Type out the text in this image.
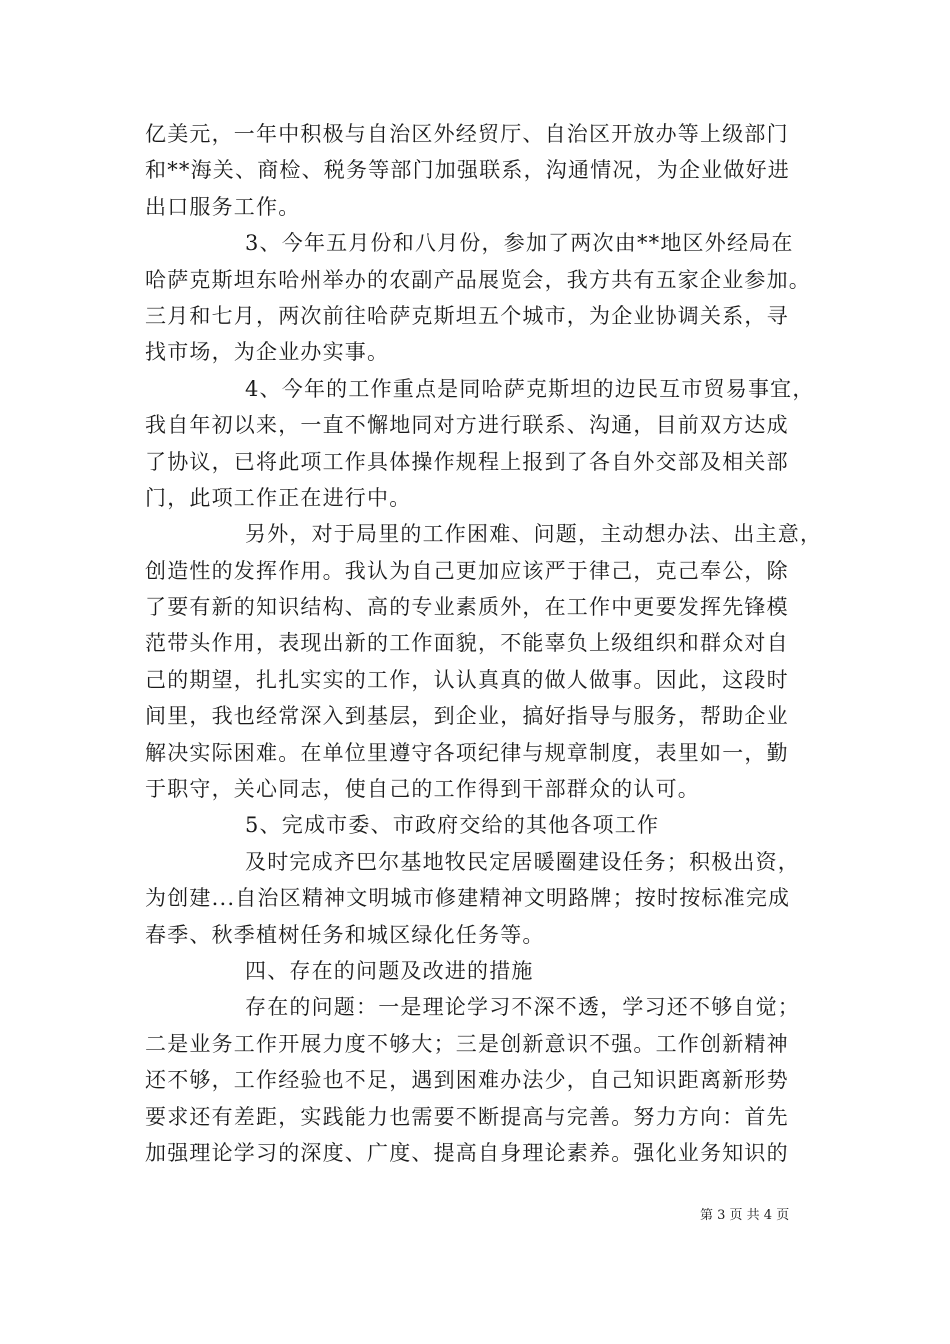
亿美元，一年中积极与自治区外经贸厅、自治区开放办等上级部门
和**海关、商检、税务等部门加强联系，沟通情况，为企业做好进
出口服务工作。
3、今年五月份和八月份，参加了两次由**地区外经局在
哈萨克斯坦东哈州举办的农副产品展览会，我方共有五家企业参加。
三月和七月，两次前往哈萨克斯坦五个城市，为企业协调关系，寻
找市场，为企业办实事。
4、今年的工作重点是同哈萨克斯坦的边民互市贸易事宜，
我自年初以来，一直不懈地同对方进行联系、沟通，目前双方达成
了协议，已将此项工作具体操作规程上报到了各自外交部及相关部
门，此项工作正在进行中。
另外，对于局里的工作困难、问题，主动想办法、出主意，
创造性的发挥作用。我认为自己更加应该严于律己，克己奉公，除
了要有新的知识结构、高的专业素质外，在工作中更要发挥先锋模
范带头作用，表现出新的工作面貌，不能辜负上级组织和群众对自
己的期望，扎扎实实的工作，认认真真的做人做事。因此，这段时
间里，我也经常深入到基层，到企业，搞好指导与服务，帮助企业
解决实际困难。在单位里遵守各项纪律与规章制度，表里如一，勤
于职守，关心同志，使自己的工作得到干部群众的认可。
5、完成市委、市政府交给的其他各项工作
及时完成齐巴尔基地牧民定居暖圈建设任务；积极出资，
为创建...自治区精神文明城市修建精神文明路牌；按时按标准完成
春季、秋季植树任务和城区绿化任务等。
四、存在的问题及改进的措施
存在的问题：一是理论学习不深不透，学习还不够自觉；
二是业务工作开展力度不够大；三是创新意识不强。工作创新精神
还不够，工作经验也不足，遇到困难办法少，自己知识距离新形势
要求还有差距，实践能力也需要不断提高与完善。努力方向：首先
加强理论学习的深度、广度、提高自身理论素养。强化业务知识的
第 3 页 共 4 页
